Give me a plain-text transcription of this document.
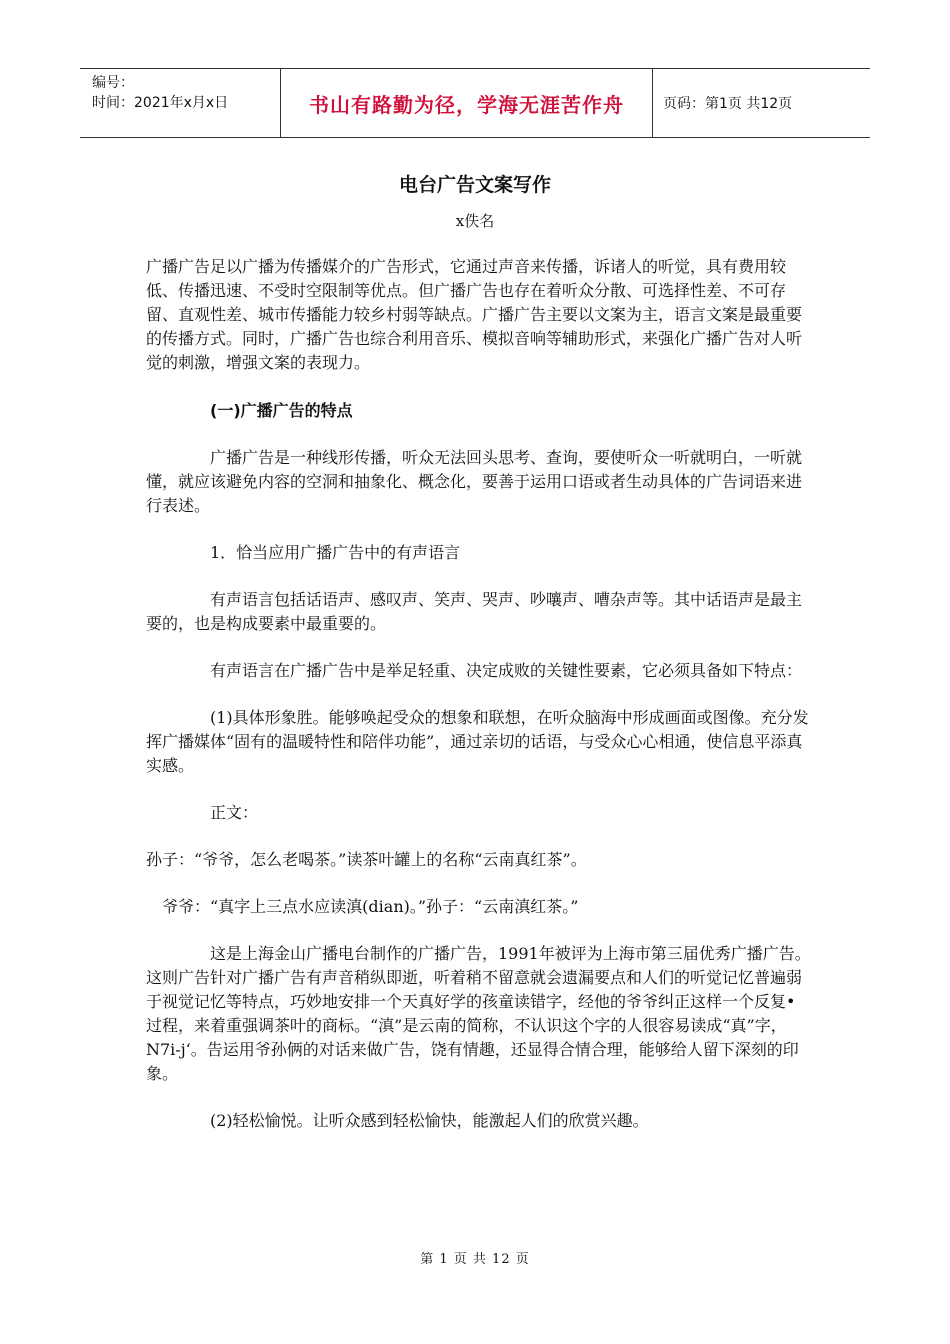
编号：
时间：2021年x月x日	书山有路勤为径，学海无涯苦作舟	页码：第1页 共12页
电台广告文案写作
x佚名

广播广告足以广播为传播媒介的广告形式，它通过声音来传播，诉诸人的听觉，具有费用较低、传播迅速、不受时空限制等优点。但广播广告也存在着听众分散、可选择性差、不可存留、直观性差、城市传播能力较乡村弱等缺点。广播广告主要以文案为主，语言文案是最重要的传播方式。同时，广播广告也综合利用音乐、模拟音响等辅助形式，来强化广播广告对人听觉的刺激，增强文案的表现力。

(一)广播广告的特点

广播广告是一种线形传播，听众无法回头思考、查询，要使听众一听就明白，一听就懂，就应该避免内容的空洞和抽象化、概念化，要善于运用口语或者生动具体的广告词语来进行表述。

1．恰当应用广播广告中的有声语言

有声语言包括话语声、感叹声、笑声、哭声、吵嚷声、嘈杂声等。其中话语声是最主要的，也是构成要素中最重要的。

有声语言在广播广告中是举足轻重、决定成败的关键性要素，它必须具备如下特点：

(1)具体形象胜。能够唤起受众的想象和联想，在听众脑海中形成画面或图像。充分发挥广播媒体“固有的温暖特性和陪伴功能”，通过亲切的话语，与受众心心相通，使信息平添真实感。

正文：

孙子：“爷爷，怎么老喝茶。”读茶叶罐上的名称“云南真红茶”。

爷爷：“真字上三点水应读滇(dian)。”孙子：“云南滇红茶。”

这是上海金山广播电台制作的广播广告，1991年被评为上海市第三届优秀广播广告。这则广告针对广播广告有声音稍纵即逝，听着稍不留意就会遗漏要点和人们的听觉记忆普遍弱于视觉记忆等特点，巧妙地安排一个天真好学的孩童读错字，经他的爷爷纠正这样一个反复•过程，来着重强调茶叶的商标。“滇”是云南的简称，不认识这个字的人很容易读成“真”字，N7i-j‘。告运用爷孙俩的对话来做广告，饶有情趣，还显得合情合理，能够给人留下深刻的印象。

(2)轻松愉悦。让听众感到轻松愉快，能激起人们的欣赏兴趣。

第 1 页 共 12 页
